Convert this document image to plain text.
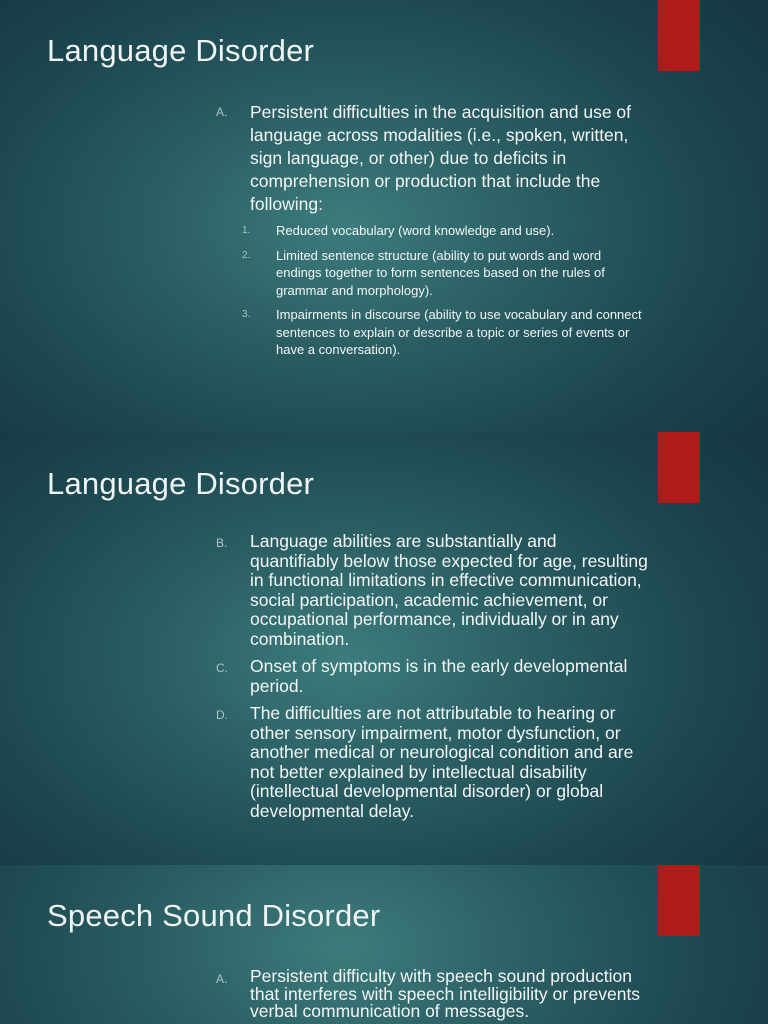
Language Disorder
A.	Persistent difficulties in the acquisition and use of language across modalities (i.e., spoken, written, sign language, or other) due to deficits in comprehension or production that include the following:
1.	Reduced vocabulary (word knowledge and use).
2.	Limited sentence structure (ability to put words and word endings together to form sentences based on the rules of grammar and morphology).
3.	Impairments in discourse (ability to use vocabulary and connect sentences to explain or describe a topic or series of events or have a conversation).
Language Disorder
B.	Language abilities are substantially and quantifiably below those expected for age, resulting in functional limitations in effective communication, social participation, academic achievement, or occupational performance, individually or in any combination.
C.	Onset of symptoms is in the early developmental period.
D.	The difficulties are not attributable to hearing or other sensory impairment, motor dysfunction, or another medical or neurological condition and are not better explained by intellectual disability (intellectual developmental disorder) or global developmental delay.
Speech Sound Disorder
A.	Persistent difficulty with speech sound production that interferes with speech intelligibility or prevents verbal communication of messages.
